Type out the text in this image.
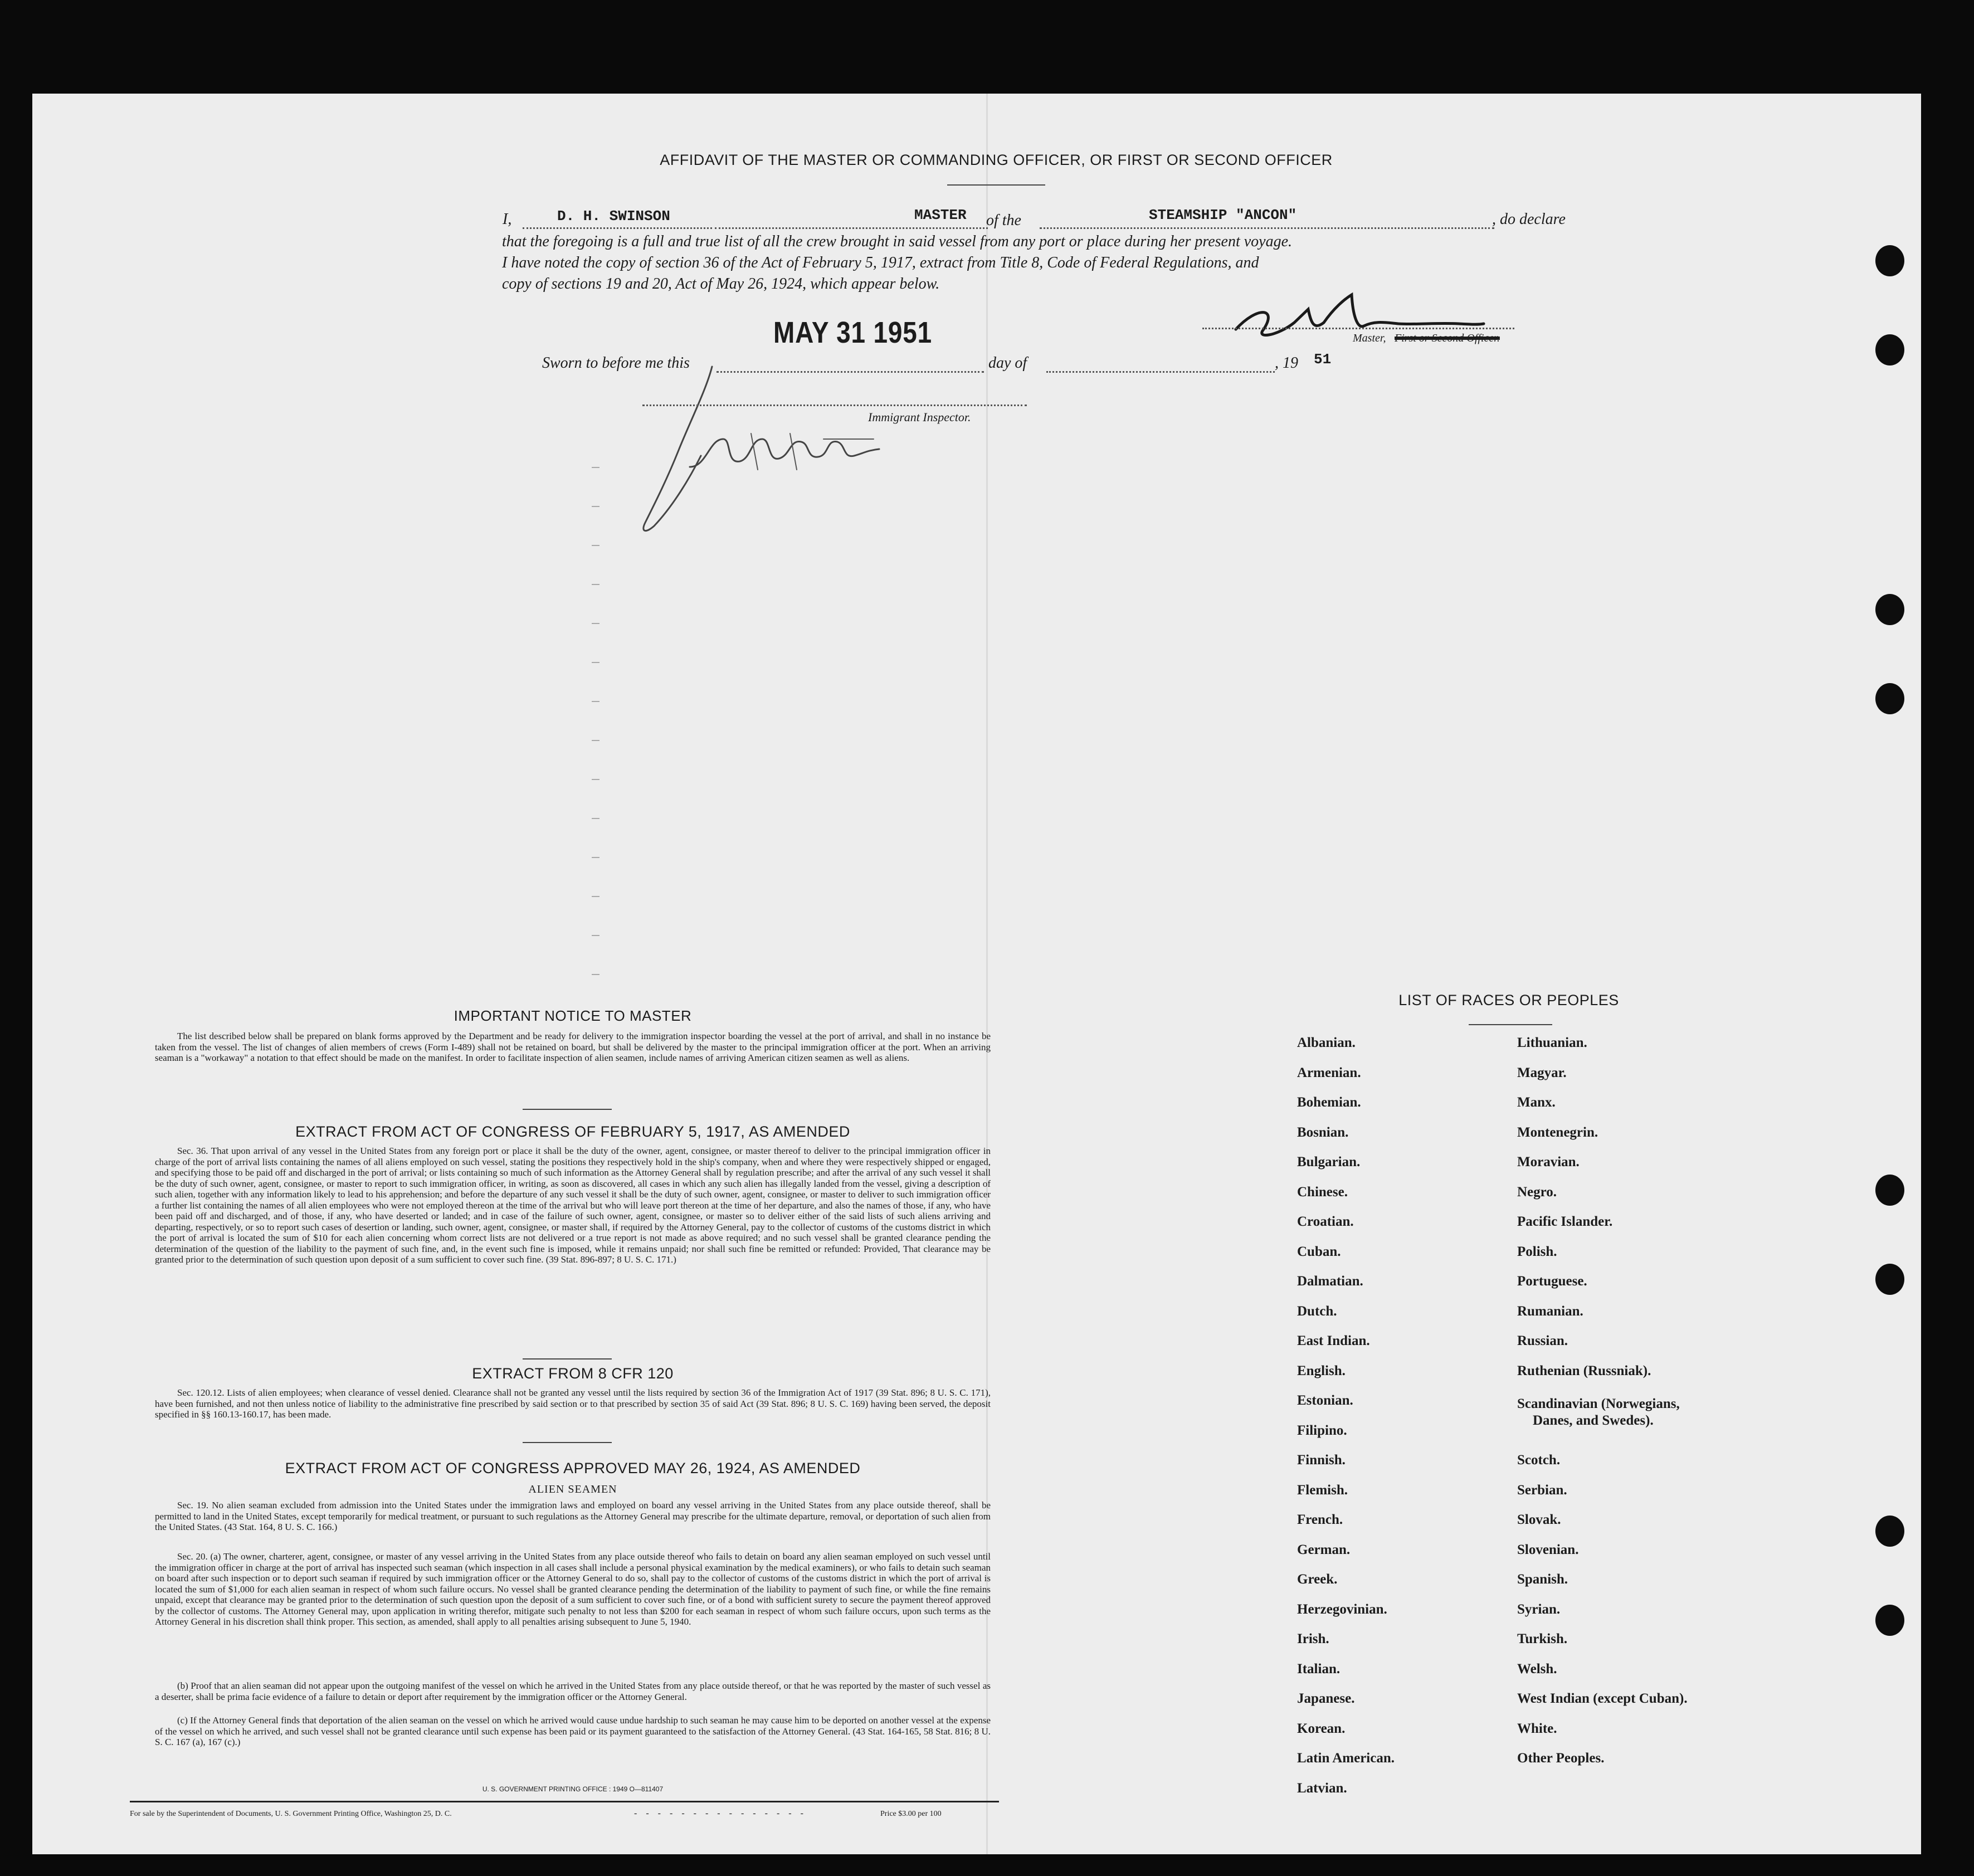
AFFIDAVIT OF THE MASTER OR COMMANDING OFFICER, OR FIRST OR SECOND OFFICER
I,	D. H. SWINSON	MASTER of the	STEAMSHIP "ANCON"	, do declare
that the foregoing is a full and true list of all the crew brought in said vessel from any port or place during her present voyage.
I have noted the copy of section 36 of the Act of February 5, 1917, extract from Title 8, Code of Federal Regulations, and
copy of sections 19 and 20, Act of May 26, 1924, which appear below.
MAY 31 1951	Master, First or Second Officer.
Sworn to before me this	day of	, 19 51
Immigrant Inspector.
IMPORTANT NOTICE TO MASTER
The list described below shall be prepared on blank forms approved by the Department and be ready for delivery to the immigration inspector boarding the vessel at the port of arrival, and shall in no instance be taken from the vessel. The list of changes of alien members of crews (Form I-489) shall not be retained on board, but shall be delivered by the master to the principal immigration officer at the port. When an arriving seaman is a "workaway" a notation to that effect should be made on the manifest. In order to facilitate inspection of alien seamen, include names of arriving American citizen seamen as well as aliens.
EXTRACT FROM ACT OF CONGRESS OF FEBRUARY 5, 1917, AS AMENDED
Sec. 36. That upon arrival of any vessel in the United States from any foreign port or place it shall be the duty of the owner, agent, consignee, or master thereof to deliver to the principal immigration officer in charge of the port of arrival lists containing the names of all aliens employed on such vessel, stating the positions they respectively hold in the ship's company, when and where they were respectively shipped or engaged, and specifying those to be paid off and discharged in the port of arrival; or lists containing so much of such information as the Attorney General shall by regulation prescribe; and after the arrival of any such vessel it shall be the duty of such owner, agent, consignee, or master to report to such immigration officer, in writing, as soon as discovered, all cases in which any such alien has illegally landed from the vessel, giving a description of such alien, together with any information likely to lead to his apprehension; and before the departure of any such vessel it shall be the duty of such owner, agent, consignee, or master to deliver to such immigration officer a further list containing the names of all alien employees who were not employed thereon at the time of the arrival but who will leave port thereon at the time of her departure, and also the names of those, if any, who have been paid off and discharged, and of those, if any, who have deserted or landed; and in case of the failure of such owner, agent, consignee, or master so to deliver either of the said lists of such aliens arriving and departing, respectively, or so to report such cases of desertion or landing, such owner, agent, consignee, or master shall, if required by the Attorney General, pay to the collector of customs of the customs district in which the port of arrival is located the sum of $10 for each alien concerning whom correct lists are not delivered or a true report is not made as above required; and no such vessel shall be granted clearance pending the determination of the question of the liability to the payment of such fine, and, in the event such fine is imposed, while it remains unpaid; nor shall such fine be remitted or refunded: Provided, That clearance may be granted prior to the determination of such question upon deposit of a sum sufficient to cover such fine. (39 Stat. 896-897; 8 U. S. C. 171.)
EXTRACT FROM 8 CFR 120
Sec. 120.12. Lists of alien employees; when clearance of vessel denied. Clearance shall not be granted any vessel until the lists required by section 36 of the Immigration Act of 1917 (39 Stat. 896; 8 U. S. C. 171), have been furnished, and not then unless notice of liability to the administrative fine prescribed by said section or to that prescribed by section 35 of said Act (39 Stat. 896; 8 U. S. C. 169) having been served, the deposit specified in §§ 160.13-160.17, has been made.
EXTRACT FROM ACT OF CONGRESS APPROVED MAY 26, 1924, AS AMENDED
ALIEN SEAMEN
Sec. 19. No alien seaman excluded from admission into the United States under the immigration laws and employed on board any vessel arriving in the United States from any place outside thereof, shall be permitted to land in the United States, except temporarily for medical treatment, or pursuant to such regulations as the Attorney General may prescribe for the ultimate departure, removal, or deportation of such alien from the United States. (43 Stat. 164, 8 U. S. C. 166.)
Sec. 20. (a) The owner, charterer, agent, consignee, or master of any vessel arriving in the United States from any place outside thereof who fails to detain on board any alien seaman employed on such vessel until the immigration officer in charge at the port of arrival has inspected such seaman (which inspection in all cases shall include a personal physical examination by the medical examiners), or who fails to detain such seaman on board after such inspection or to deport such seaman if required by such immigration officer or the Attorney General to do so, shall pay to the collector of customs of the customs district in which the port of arrival is located the sum of $1,000 for each alien seaman in respect of whom such failure occurs. No vessel shall be granted clearance pending the determination of the liability to payment of such fine, or while the fine remains unpaid, except that clearance may be granted prior to the determination of such question upon the deposit of a sum sufficient to cover such fine, or of a bond with sufficient surety to secure the payment thereof approved by the collector of customs. The Attorney General may, upon application in writing therefor, mitigate such penalty to not less than $200 for each seaman in respect of whom such failure occurs, upon such terms as the Attorney General in his discretion shall think proper. This section, as amended, shall apply to all penalties arising subsequent to June 5, 1940.
(b) Proof that an alien seaman did not appear upon the outgoing manifest of the vessel on which he arrived in the United States from any place outside thereof, or that he was reported by the master of such vessel as a deserter, shall be prima facie evidence of a failure to detain or deport after requirement by the immigration officer or the Attorney General.
(c) If the Attorney General finds that deportation of the alien seaman on the vessel on which he arrived would cause undue hardship to such seaman he may cause him to be deported on another vessel at the expense of the vessel on which he arrived, and such vessel shall not be granted clearance until such expense has been paid or its payment guaranteed to the satisfaction of the Attorney General. (43 Stat. 164-165, 58 Stat. 816; 8 U. S. C. 167 (a), 167 (c).)
U. S. GOVERNMENT PRINTING OFFICE : 1949 O—811407
For sale by the Superintendent of Documents, U. S. Government Printing Office, Washington 25, D. C.	- - - - - - - - - - - - - - -	Price $3.00 per 100
LIST OF RACES OR PEOPLES
Albanian.
Armenian.
Bohemian.
Bosnian.
Bulgarian.
Chinese.
Croatian.
Cuban.
Dalmatian.
Dutch.
East Indian.
English.
Estonian.
Filipino.
Finnish.
Flemish.
French.
German.
Greek.
Herzegovinian.
Irish.
Italian.
Japanese.
Korean.
Latin American.
Latvian.
Lithuanian.
Magyar.
Manx.
Montenegrin.
Moravian.
Negro.
Pacific Islander.
Polish.
Portuguese.
Rumanian.
Russian.
Ruthenian (Russniak).
Scandinavian (Norwegians,
Danes, and Swedes).
Scotch.
Serbian.
Slovak.
Slovenian.
Spanish.
Syrian.
Turkish.
Welsh.
West Indian (except Cuban).
White.
Other Peoples.
